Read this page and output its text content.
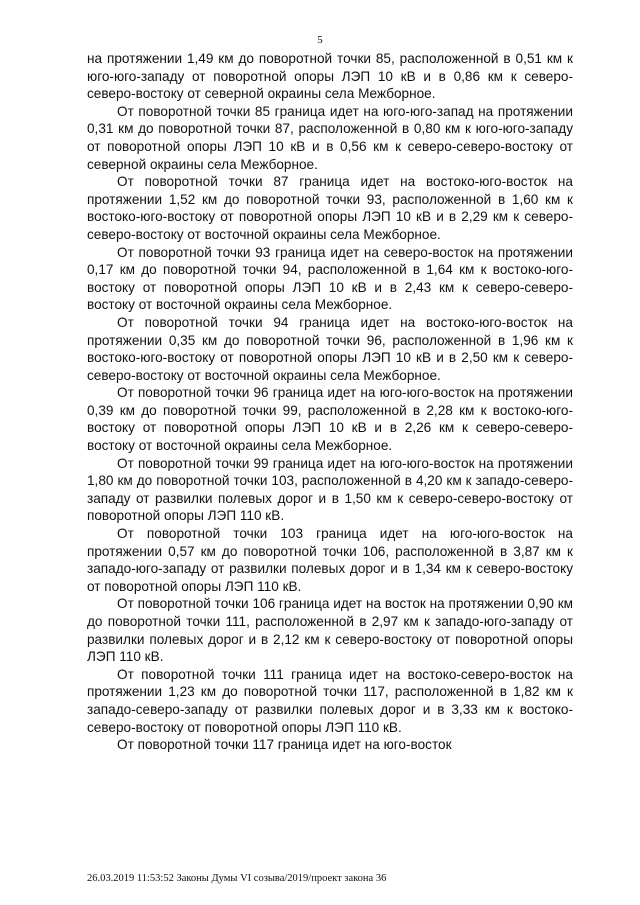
5

на протяжении 1,49 км до поворотной точки 85, расположенной в 0,51 км к юго-юго-западу от поворотной опоры ЛЭП 10 кВ и в 0,86 км к северо-северо-востоку от северной окраины села Межборное.

От поворотной точки 85 граница идет на юго-юго-запад на протяжении 0,31 км до поворотной точки 87, расположенной в 0,80 км к юго-юго-западу от поворотной опоры ЛЭП 10 кВ и в 0,56 км к северо-северо-востоку от северной окраины села Межборное.

От поворотной точки 87 граница идет на востоко-юго-восток на протяжении 1,52 км до поворотной точки 93, расположенной в 1,60 км к востоко-юго-востоку от поворотной опоры ЛЭП 10 кВ и в 2,29 км к северо-северо-востоку от восточной окраины села Межборное.

От поворотной точки 93 граница идет на северо-восток на протяжении 0,17 км до поворотной точки 94, расположенной в 1,64 км к востоко-юго-востоку от поворотной опоры ЛЭП 10 кВ и в 2,43 км к северо-северо-востоку от восточной окраины села Межборное.

От поворотной точки 94 граница идет на востоко-юго-восток на протяжении 0,35 км до поворотной точки 96, расположенной в 1,96 км к востоко-юго-востоку от поворотной опоры ЛЭП 10 кВ и в 2,50 км к северо-северо-востоку от восточной окраины села Межборное.

От поворотной точки 96 граница идет на юго-юго-восток на протяжении 0,39 км до поворотной точки 99, расположенной в 2,28 км к востоко-юго-востоку от поворотной опоры ЛЭП 10 кВ и в 2,26 км к северо-северо-востоку от восточной окраины села Межборное.

От поворотной точки 99 граница идет на юго-юго-восток на протяжении 1,80 км до поворотной точки 103, расположенной в 4,20 км к западо-северо-западу от развилки полевых дорог и в 1,50 км к северо-северо-востоку от поворотной опоры ЛЭП 110 кВ.

От поворотной точки 103 граница идет на юго-юго-восток на протяжении 0,57 км до поворотной точки 106, расположенной в 3,87 км к западо-юго-западу от развилки полевых дорог и в 1,34 км к северо-востоку от поворотной опоры ЛЭП 110 кВ.

От поворотной точки 106 граница идет на восток на протяжении 0,90 км до поворотной точки 111, расположенной в 2,97 км к западо-юго-западу от развилки полевых дорог и в 2,12 км к северо-востоку от поворотной опоры ЛЭП 110 кВ.

От поворотной точки 111 граница идет на востоко-северо-восток на протяжении 1,23 км до поворотной точки 117, расположенной в 1,82 км к западо-северо-западу от развилки полевых дорог и в 3,33 км к востоко-северо-востоку от поворотной опоры ЛЭП 110 кВ.

От поворотной точки 117 граница идет на юго-восток

26.03.2019 11:53:52 Законы Думы VI созыва/2019/проект закона 36
